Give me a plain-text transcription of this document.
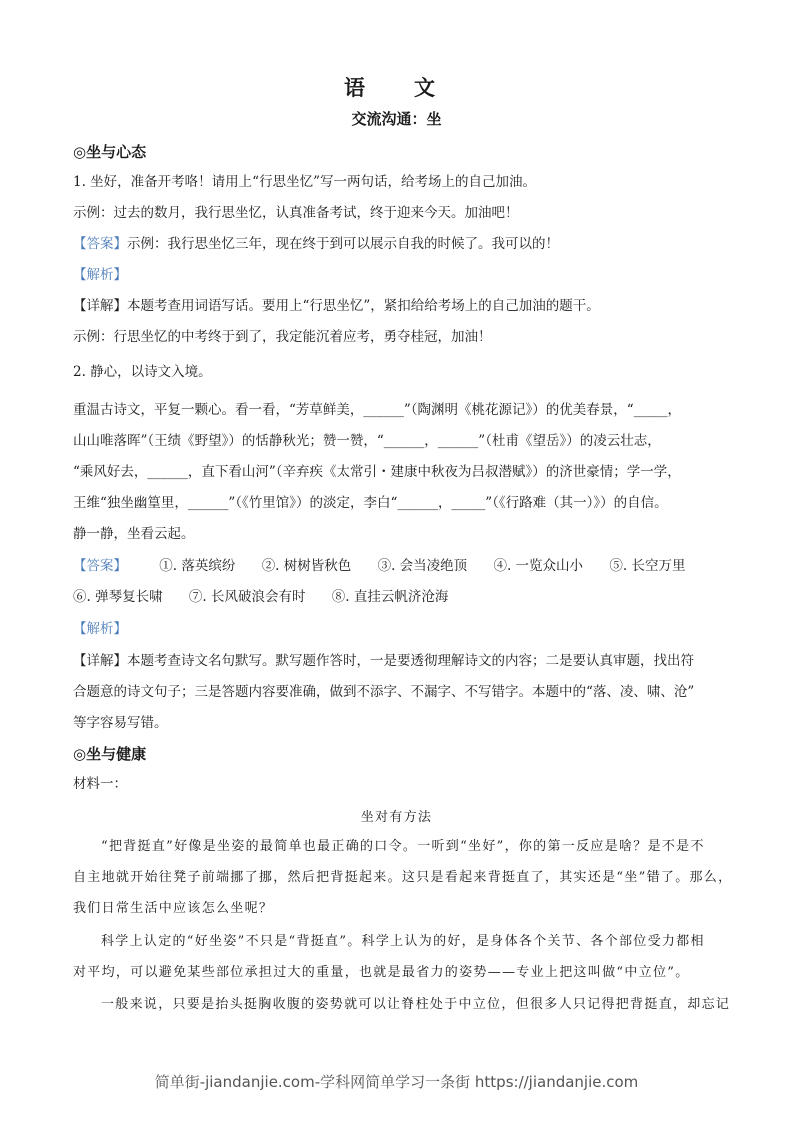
语　文
交流沟通：坐
◎坐与心态
1. 坐好，准备开考咯！请用上“行思坐忆”写一两句话，给考场上的自己加油。
示例：过去的数月，我行思坐忆，认真准备考试，终于迎来今天。加油吧！
【答案】示例：我行思坐忆三年，现在终于到可以展示自我的时候了。我可以的！
【解析】
【详解】本题考查用词语写话。要用上“行思坐忆”，紧扣给给考场上的自己加油的题干。
示例：行思坐忆的中考终于到了，我定能沉着应考，勇夺桂冠，加油！
2. 静心，以诗文入境。
重温古诗文，平复一颗心。看一看，“芳草鲜美，______”（陶渊明《桃花源记》）的优美春景，“_____，
山山唯落晖”（王绩《野望》）的恬静秋光；赞一赞，“______，______”（杜甫《望岳》）的凌云壮志，
“乘风好去，______，直下看山河”（辛弃疾《太常引・建康中秋夜为吕叔潜赋》）的济世豪情；学一学，
王维“独坐幽篁里，______”（《竹里馆》）的淡定，李白“______，_____”（《行路难（其一）》）的自信。
静一静，坐看云起。
【答案】 ①. 落英缤纷 ②. 树树皆秋色 ③. 会当凌绝顶 ④. 一览众山小 ⑤. 长空万里
⑥. 弹琴复长啸 ⑦. 长风破浪会有时 ⑧. 直挂云帆济沧海
【解析】
【详解】本题考查诗文名句默写。默写题作答时，一是要透彻理解诗文的内容；二是要认真审题，找出符
合题意的诗文句子；三是答题内容要准确，做到不添字、不漏字、不写错字。本题中的“落、凌、啸、沧”
等字容易写错。
◎坐与健康
材料一：
坐对有方法
“把背挺直”好像是坐姿的最简单也最正确的口令。一听到“坐好”，你的第一反应是啥？是不是不
自主地就开始往凳子前端挪了挪，然后把背挺起来。这只是看起来背挺直了，其实还是“坐”错了。那么，
我们日常生活中应该怎么坐呢？
科学上认定的“好坐姿”不只是“背挺直”。科学上认为的好，是身体各个关节、各个部位受力都相
对平均，可以避免某些部位承担过大的重量，也就是最省力的姿势——专业上把这叫做“中立位”。
一般来说，只要是抬头挺胸收腹的姿势就可以让脊柱处于中立位，但很多人只记得把背挺直，却忘记
简单街-jiandanjie.com-学科网简单学习一条街 https://jiandanjie.com
